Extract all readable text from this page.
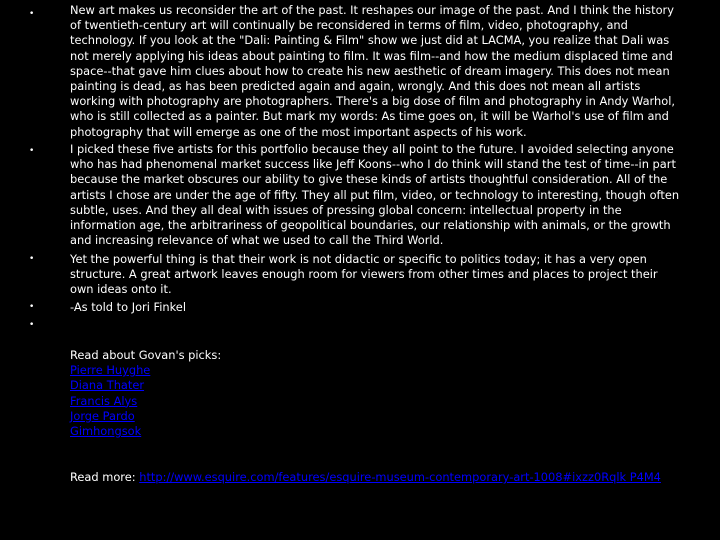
•
•
•
•
•

New art makes us reconsider the art of the past. It reshapes our image of the past. And I think the history of twentieth-century art will continually be reconsidered in terms of film, video, photography, and technology. If you look at the "Dali: Painting & Film" show we just did at LACMA, you realize that Dali was not merely applying his ideas about painting to film. It was film--and how the medium displaced time and space--that gave him clues about how to create his new aesthetic of dream imagery. This does not mean painting is dead, as has been predicted again and again, wrongly. And this does not mean all artists working with photography are photographers. There's a big dose of film and photography in Andy Warhol, who is still collected as a painter. But mark my words: As time goes on, it will be Warhol's use of film and photography that will emerge as one of the most important aspects of his work.

I picked these five artists for this portfolio because they all point to the future. I avoided selecting anyone who has had phenomenal market success like Jeff Koons--who I do think will stand the test of time--in part because the market obscures our ability to give these kinds of artists thoughtful consideration. All of the artists I chose are under the age of fifty. They all put film, video, or technology to interesting, though often subtle, uses. And they all deal with issues of pressing global concern: intellectual property in the information age, the arbitrariness of geopolitical boundaries, our relationship with animals, or the growth and increasing relevance of what we used to call the Third World.

Yet the powerful thing is that their work is not didactic or specific to politics today; it has a very open structure. A great artwork leaves enough room for viewers from other times and places to project their own ideas onto it.

-As told to Jori Finkel

Read about Govan's picks:
Pierre Huyghe
Diana Thater
Francis Alys
Jorge Pardo
Gimhongsok
Read more: http://www.esquire.com/features/esquire-museum-contemporary-art-1008#ixzz0Rqlk P4M4
